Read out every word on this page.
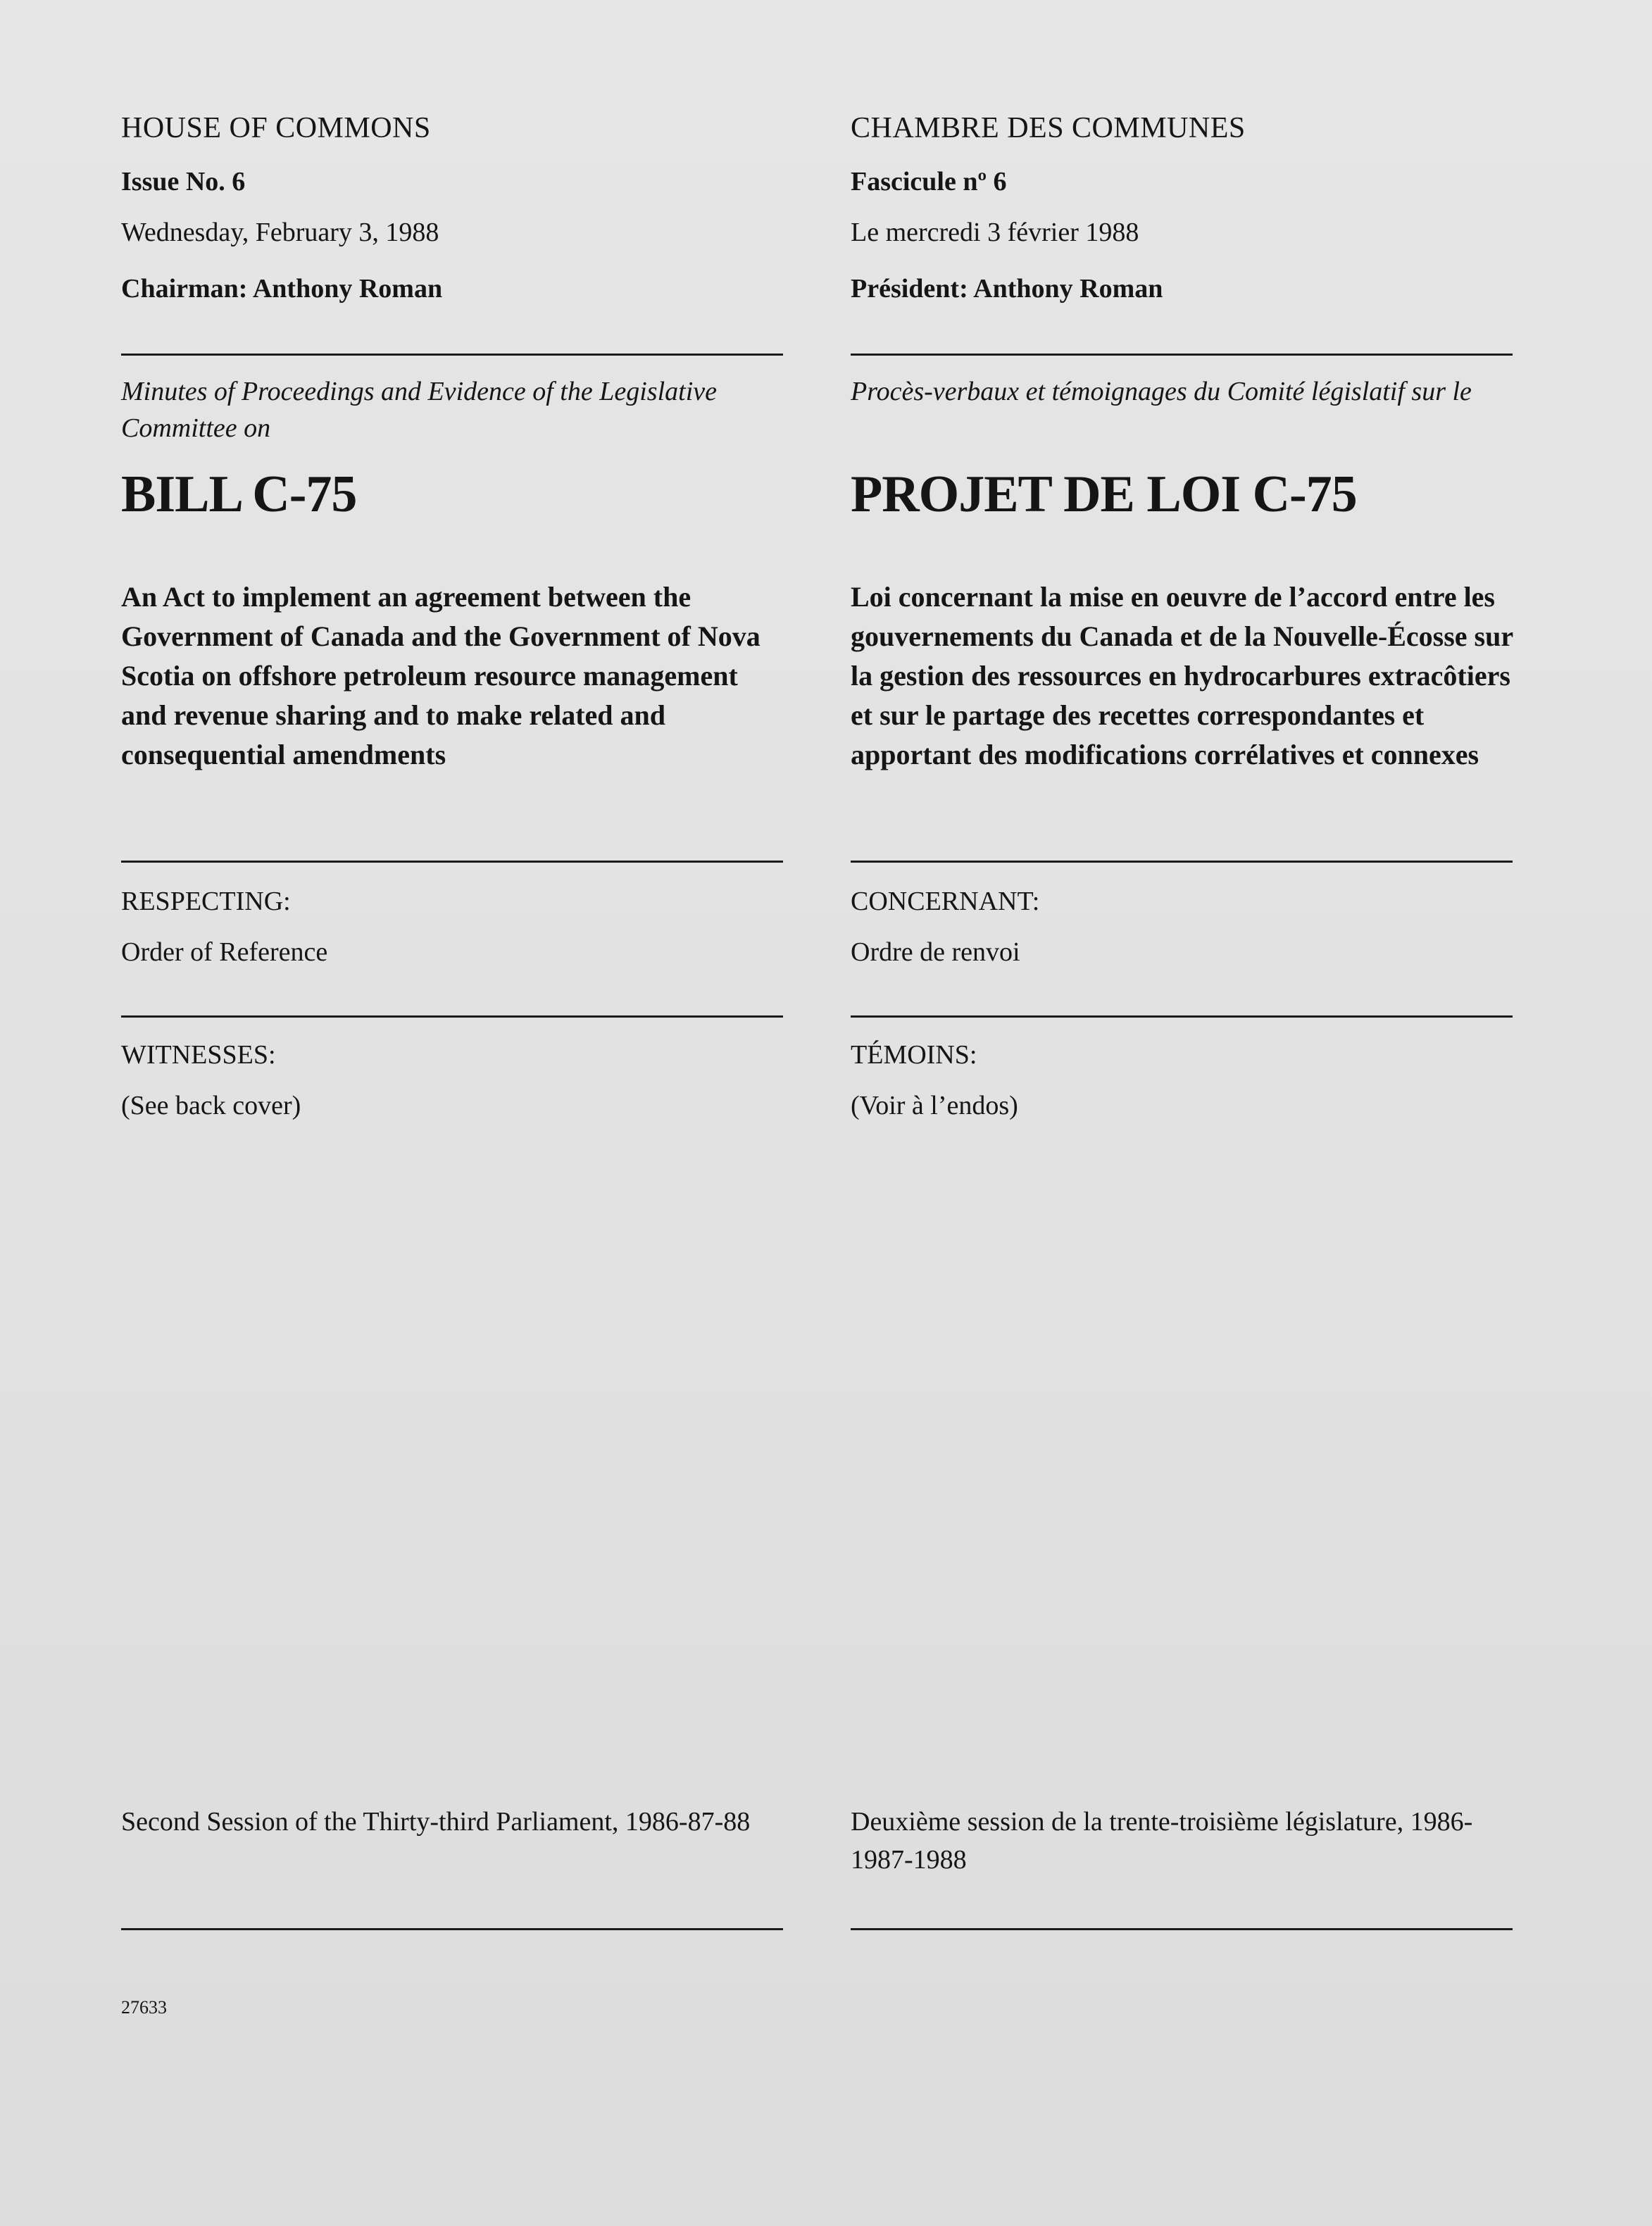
HOUSE OF COMMONS

Issue No. 6

Wednesday, February 3, 1988

Chairman: Anthony Roman

Minutes of Proceedings and Evidence of the Legislative Committee on

BILL C-75

An Act to implement an agreement between the Government of Canada and the Government of Nova Scotia on offshore petroleum resource management and revenue sharing and to make related and consequential amendments

RESPECTING:

Order of Reference

WITNESSES:

(See back cover)

Second Session of the Thirty-third Parliament, 1986-87-88

27633

CHAMBRE DES COMMUNES

Fascicule nº 6

Le mercredi 3 février 1988

Président: Anthony Roman

Procès-verbaux et témoignages du Comité législatif sur le

PROJET DE LOI C-75

Loi concernant la mise en oeuvre de l’accord entre les gouvernements du Canada et de la Nouvelle-Écosse sur la gestion des ressources en hydrocarbures extracôtiers et sur le partage des recettes correspondantes et apportant des modifications corrélatives et connexes

CONCERNANT:

Ordre de renvoi

TÉMOINS:

(Voir à l’endos)

Deuxième session de la trente-troisième législature, 1986-1987-1988
